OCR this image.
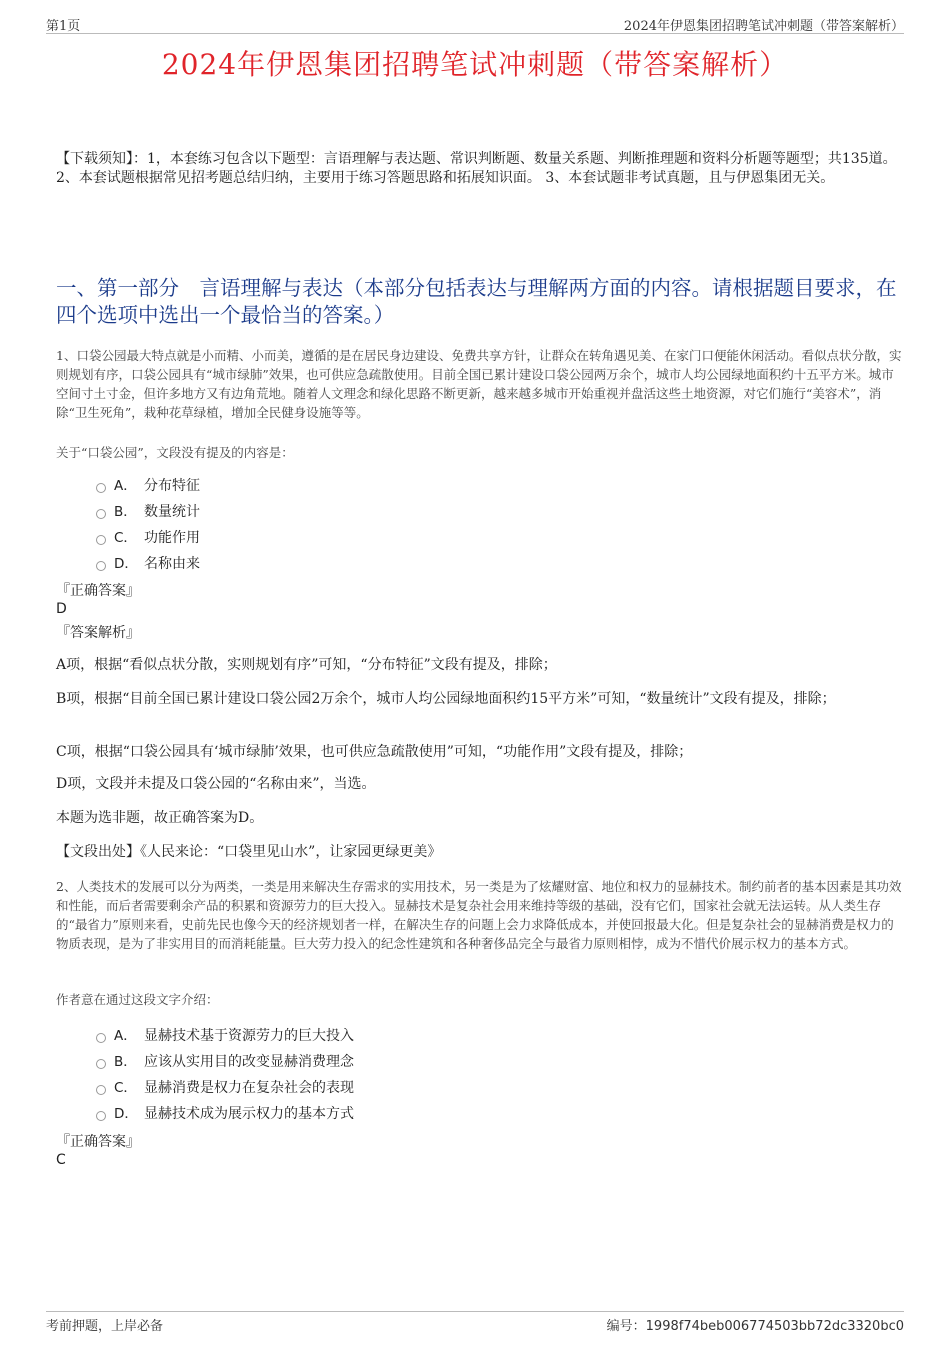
第1页	2024年伊恩集团招聘笔试冲刺题（带答案解析）
2024年伊恩集团招聘笔试冲刺题（带答案解析）
【下载须知】：1，本套练习包含以下题型：言语理解与表达题、常识判断题、数量关系题、判断推理题和资料分析题等题型；共135道。 2、本套试题根据常见招考题总结归纳，主要用于练习答题思路和拓展知识面。 3、本套试题非考试真题，且与伊恩集团无关。
一、第一部分　言语理解与表达（本部分包括表达与理解两方面的内容。请根据题目要求，在四个选项中选出一个最恰当的答案。）
1、口袋公园最大特点就是小而精、小而美，遵循的是在居民身边建设、免费共享方针，让群众在转角遇见美、在家门口便能休闲活动。看似点状分散，实则规划有序，口袋公园具有“城市绿肺”效果，也可供应急疏散使用。目前全国已累计建设口袋公园两万余个，城市人均公园绿地面积约十五平方米。城市空间寸土寸金，但许多地方又有边角荒地。随着人文理念和绿化思路不断更新，越来越多城市开始重视并盘活这些土地资源，对它们施行“美容术”，消除“卫生死角”，栽种花草绿植，增加全民健身设施等等。
关于“口袋公园”，文段没有提及的内容是：
A． 分布特征
B． 数量统计
C． 功能作用
D． 名称由来
『正确答案』
D
『答案解析』
A项，根据“看似点状分散，实则规划有序”可知，“分布特征”文段有提及，排除；
B项，根据“目前全国已累计建设口袋公园2万余个，城市人均公园绿地面积约15平方米”可知，“数量统计”文段有提及，排除；
C项，根据“口袋公园具有‘城市绿肺’效果，也可供应急疏散使用”可知，“功能作用”文段有提及，排除；
D项，文段并未提及口袋公园的“名称由来”，当选。
本题为选非题，故正确答案为D。
【文段出处】《人民来论：“口袋里见山水”，让家园更绿更美》
2、人类技术的发展可以分为两类，一类是用来解决生存需求的实用技术，另一类是为了炫耀财富、地位和权力的显赫技术。制约前者的基本因素是其功效和性能，而后者需要剩余产品的积累和资源劳力的巨大投入。显赫技术是复杂社会用来维持等级的基础，没有它们，国家社会就无法运转。从人类生存的“最省力”原则来看，史前先民也像今天的经济规划者一样，在解决生存的问题上会力求降低成本，并使回报最大化。但是复杂社会的显赫消费是权力的物质表现，是为了非实用目的而消耗能量。巨大劳力投入的纪念性建筑和各种奢侈品完全与最省力原则相悖，成为不惜代价展示权力的基本方式。
作者意在通过这段文字介绍：
A． 显赫技术基于资源劳力的巨大投入
B． 应该从实用目的改变显赫消费理念
C． 显赫消费是权力在复杂社会的表现
D． 显赫技术成为展示权力的基本方式
『正确答案』
C
考前押题，上岸必备	编号：1998f74beb006774503bb72dc3320bc0
